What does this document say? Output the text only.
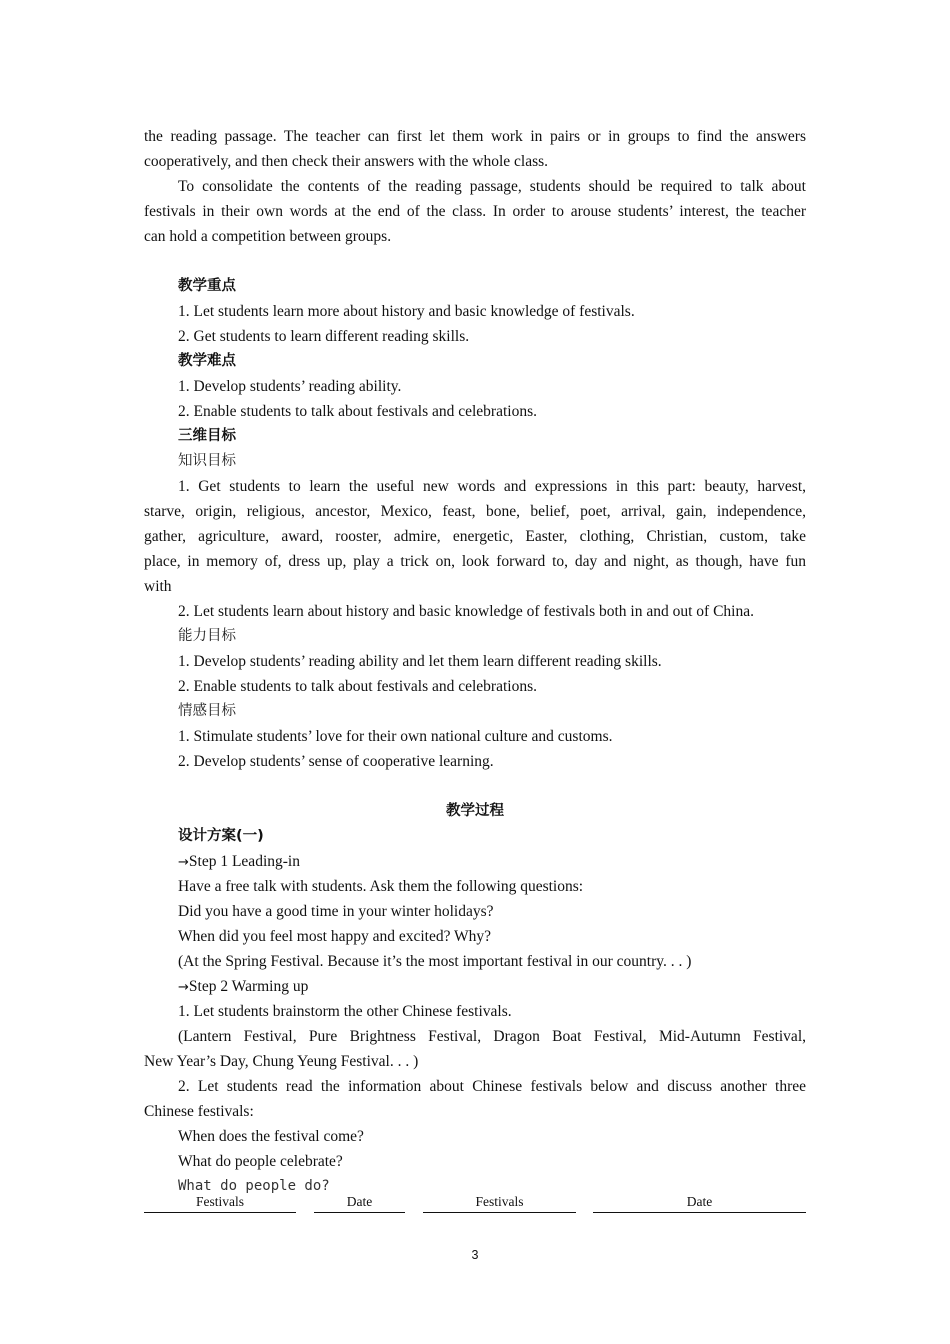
the reading passage. The teacher can first let them work in pairs or in groups to find the answers
cooperatively, and then check their answers with the whole class.
To consolidate the contents of the reading passage, students should be required to talk about
festivals in their own words at the end of the class. In order to arouse students’ interest, the teacher
can hold a competition between groups.
教学重点
1. Let students learn more about history and basic knowledge of festivals.
2. Get students to learn different reading skills.
教学难点
1. Develop students’ reading ability.
2. Enable students to talk about festivals and celebrations.
三维目标
知识目标
1. Get students to learn the useful new words and expressions in this part: beauty, harvest,
starve, origin, religious, ancestor, Mexico, feast, bone, belief, poet, arrival, gain, independence,
gather, agriculture, award, rooster, admire, energetic, Easter, clothing, Christian, custom, take
place, in memory of, dress up, play a trick on, look forward to, day and night, as though, have fun
with
2. Let students learn about history and basic knowledge of festivals both in and out of China.
能力目标
1. Develop students’ reading ability and let them learn different reading skills.
2. Enable students to talk about festivals and celebrations.
情感目标
1. Stimulate students’ love for their own national culture and customs.
2. Develop students’ sense of cooperative learning.
教学过程
设计方案(一)
→Step 1 Leading-in
Have a free talk with students. Ask them the following questions:
Did you have a good time in your winter holidays?
When did you feel most happy and excited? Why?
(At the Spring Festival. Because it’s the most important festival in our country. . . )
→Step 2 Warming up
1. Let students brainstorm the other Chinese festivals.
(Lantern Festival, Pure Brightness Festival, Dragon Boat Festival, Mid-Autumn Festival,
New Year’s Day, Chung Yeung Festival. . . )
2. Let students read the information about Chinese festivals below and discuss another three
Chinese festivals:
When does the festival come?
What do people celebrate?
What do people do?
Festivals	Date	Festivals	Date
3
